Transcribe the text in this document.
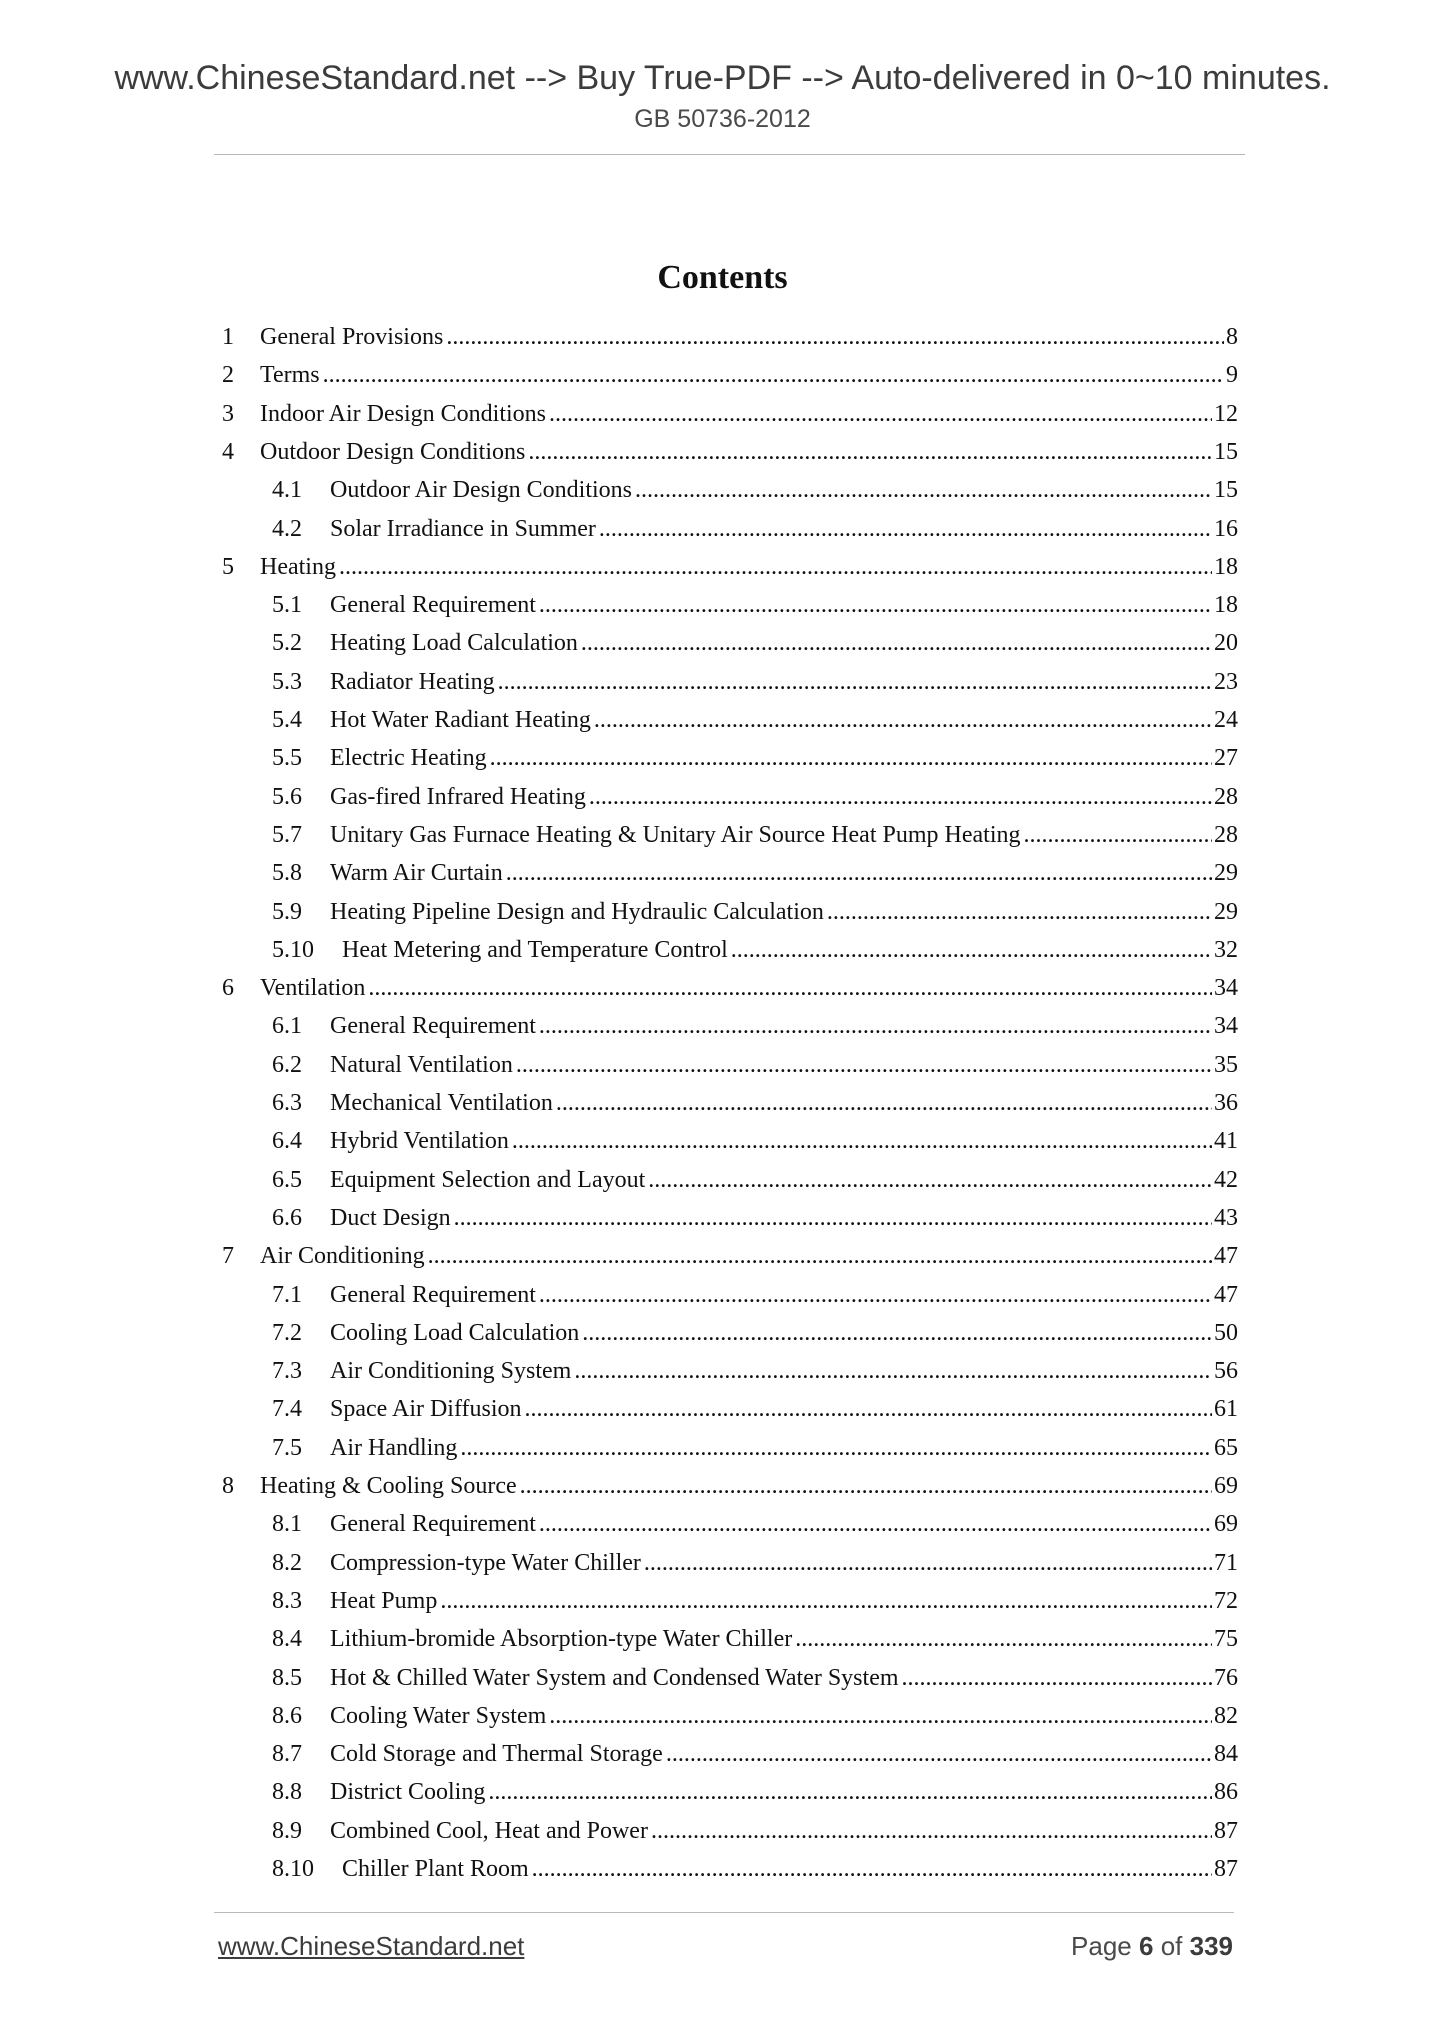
www.ChineseStandard.net --> Buy True-PDF --> Auto-delivered in 0~10 minutes.
GB 50736-2012
Contents
1	General Provisions .....	8
2	Terms .....	9
3	Indoor Air Design Conditions .....	12
4	Outdoor Design Conditions .....	15
4.1	Outdoor Air Design Conditions .....	15
4.2	Solar Irradiance in Summer .....	16
5	Heating .....	18
5.1	General Requirement .....	18
5.2	Heating Load Calculation .....	20
5.3	Radiator Heating .....	23
5.4	Hot Water Radiant Heating .....	24
5.5	Electric Heating .....	27
5.6	Gas-fired Infrared Heating .....	28
5.7	Unitary Gas Furnace Heating & Unitary Air Source Heat Pump Heating .....	28
5.8	Warm Air Curtain .....	29
5.9	Heating Pipeline Design and Hydraulic Calculation .....	29
5.10	Heat Metering and Temperature Control .....	32
6	Ventilation .....	34
6.1	General Requirement .....	34
6.2	Natural Ventilation .....	35
6.3	Mechanical Ventilation .....	36
6.4	Hybrid Ventilation .....	41
6.5	Equipment Selection and Layout .....	42
6.6	Duct Design .....	43
7	Air Conditioning .....	47
7.1	General Requirement .....	47
7.2	Cooling Load Calculation .....	50
7.3	Air Conditioning System .....	56
7.4	Space Air Diffusion .....	61
7.5	Air Handling .....	65
8	Heating & Cooling Source .....	69
8.1	General Requirement .....	69
8.2	Compression-type Water Chiller .....	71
8.3	Heat Pump .....	72
8.4	Lithium-bromide Absorption-type Water Chiller .....	75
8.5	Hot & Chilled Water System and Condensed Water System .....	76
8.6	Cooling Water System .....	82
8.7	Cold Storage and Thermal Storage .....	84
8.8	District Cooling .....	86
8.9	Combined Cool, Heat and Power .....	87
8.10	Chiller Plant Room .....	87
www.ChineseStandard.net	Page 6 of 339
